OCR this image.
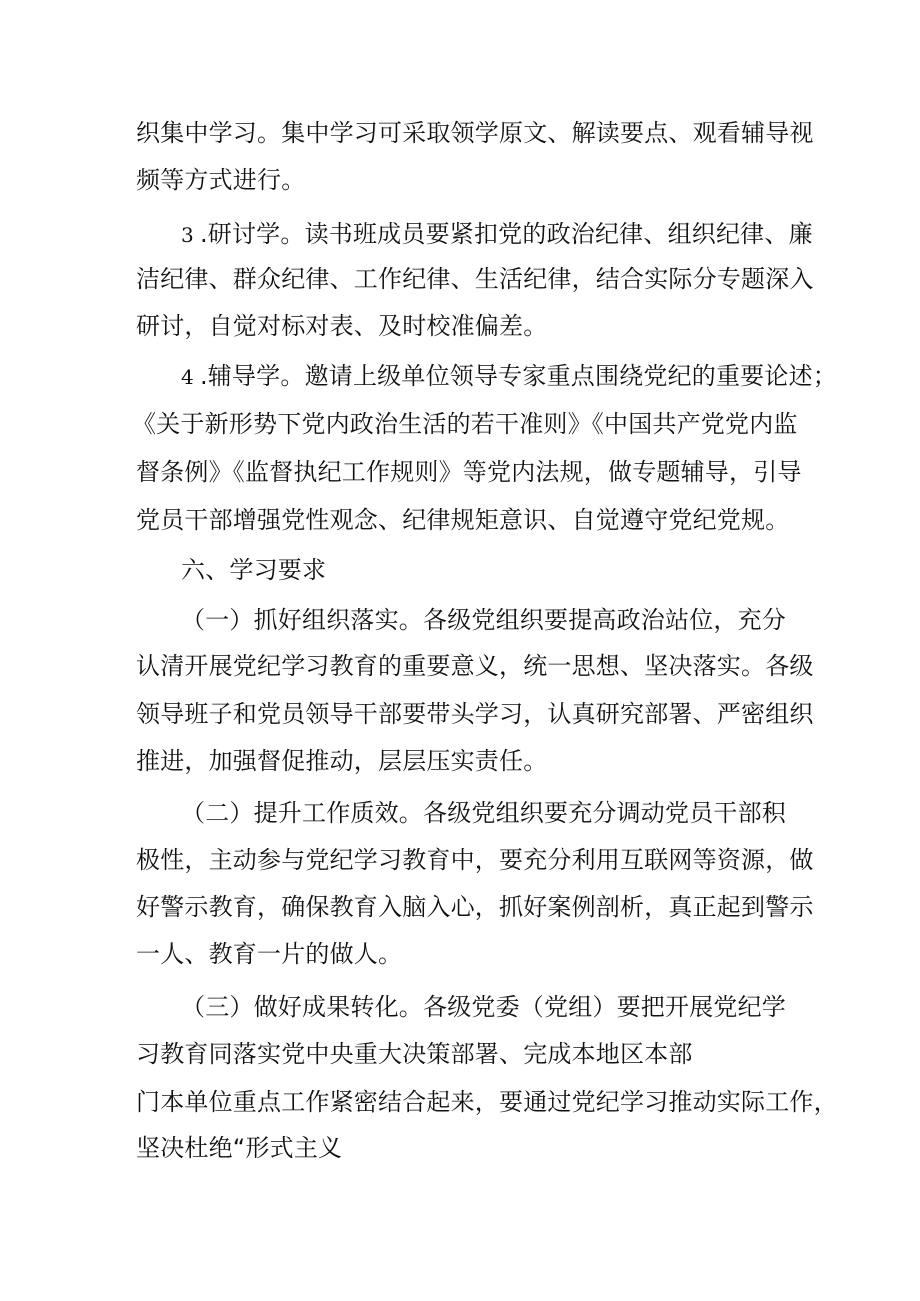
织集中学习。集中学习可采取领学原文、解读要点、观看辅导视
频等方式进行。
3 .研讨学。读书班成员要紧扣党的政治纪律、组织纪律、廉
洁纪律、群众纪律、工作纪律、生活纪律，结合实际分专题深入
研讨，自觉对标对表、及时校准偏差。
4 .辅导学。邀请上级单位领导专家重点围绕党纪的重要论述；
《关于新形势下党内政治生活的若干准则》《中国共产党党内监
督条例》《监督执纪工作规则》等党内法规，做专题辅导，引导
党员干部增强党性观念、纪律规矩意识、自觉遵守党纪党规。
六、学习要求
（一）抓好组织落实。各级党组织要提高政治站位，充分
认清开展党纪学习教育的重要意义，统一思想、坚决落实。各级
领导班子和党员领导干部要带头学习，认真研究部署、严密组织
推进，加强督促推动，层层压实责任。
（二）提升工作质效。各级党组织要充分调动党员干部积
极性，主动参与党纪学习教育中，要充分利用互联网等资源，做
好警示教育，确保教育入脑入心，抓好案例剖析，真正起到警示
一人、教育一片的做人。
（三）做好成果转化。各级党委（党组）要把开展党纪学
习教育同落实党中央重大决策部署、完成本地区本部
门本单位重点工作紧密结合起来，要通过党纪学习推动实际工作，
坚决杜绝“形式主义
